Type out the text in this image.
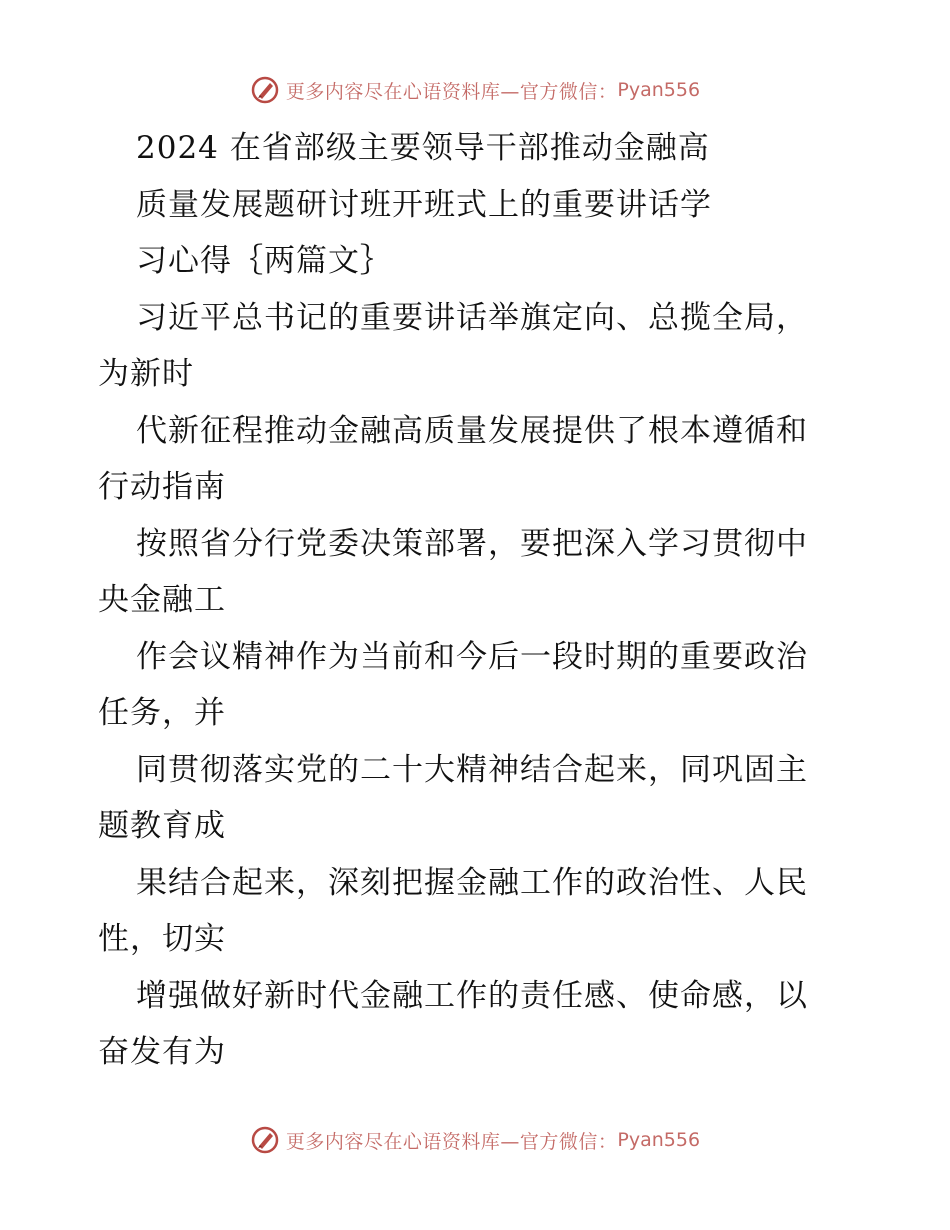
更多内容尽在心语资料库—官方微信： Pyan556
2024 在省部级主要领导干部推动金融高
质量发展题研讨班开班式上的重要讲话学
习心得｛两篇文｝
习近平总书记的重要讲话举旗定向、总揽全局，
为新时
代新征程推动金融高质量发展提供了根本遵循和
行动指南
按照省分行党委决策部署，要把深入学习贯彻中
央金融工
作会议精神作为当前和今后一段时期的重要政治
任务，并
同贯彻落实党的二十大精神结合起来，同巩固主
题教育成
果结合起来，深刻把握金融工作的政治性、人民
性，切实
增强做好新时代金融工作的责任感、使命感，以
奋发有为
更多内容尽在心语资料库—官方微信： Pyan556
